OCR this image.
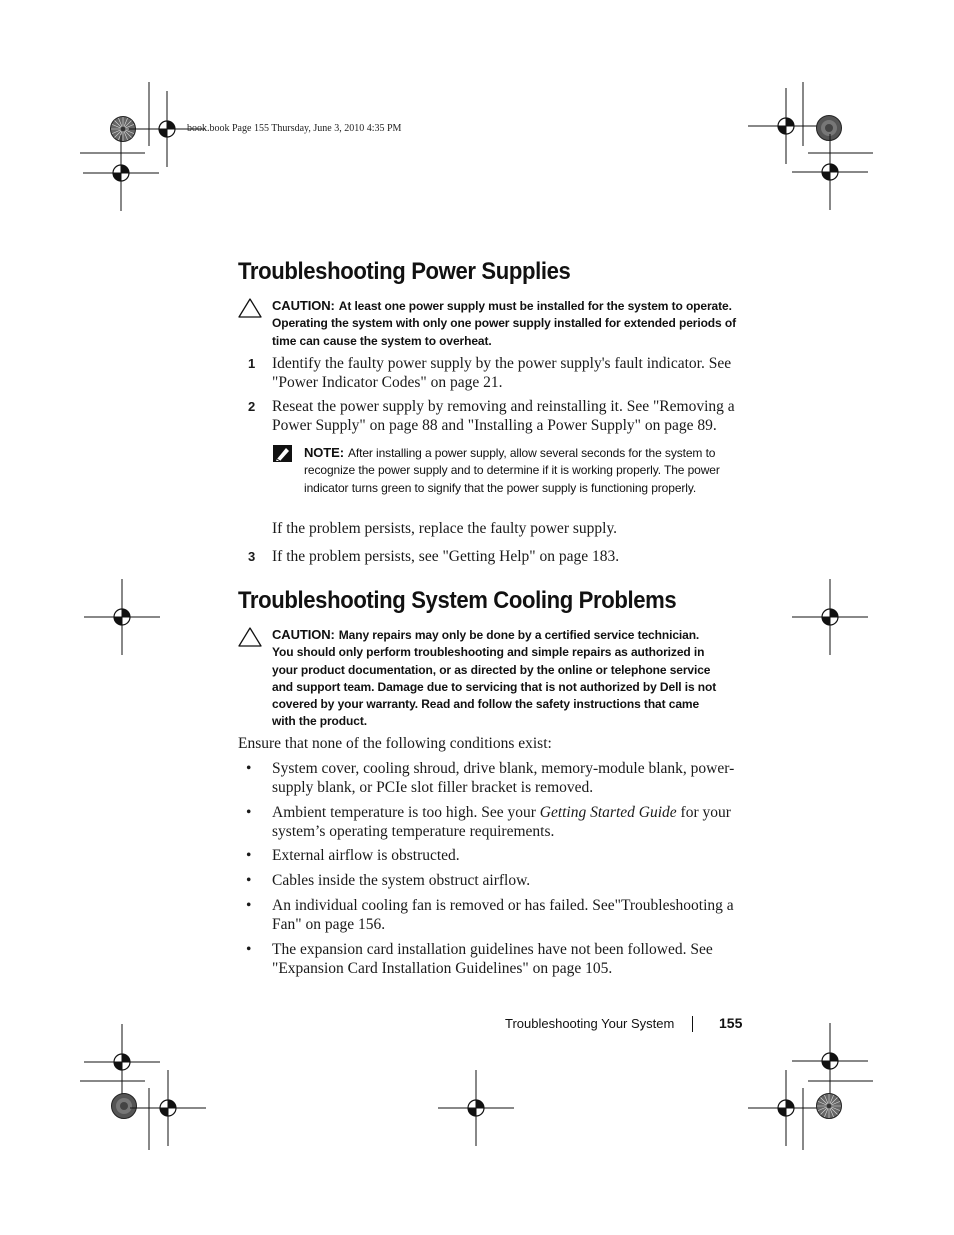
book.book Page 155 Thursday, June 3, 2010 4:35 PM
Troubleshooting Power Supplies
CAUTION: At least one power supply must be installed for the system to operate. Operating the system with only one power supply installed for extended periods of time can cause the system to overheat.
1 Identify the faulty power supply by the power supply's fault indicator. See "Power Indicator Codes" on page 21.
2 Reseat the power supply by removing and reinstalling it. See "Removing a Power Supply" on page 88 and "Installing a Power Supply" on page 89.
NOTE: After installing a power supply, allow several seconds for the system to recognize the power supply and to determine if it is working properly. The power indicator turns green to signify that the power supply is functioning properly.
If the problem persists, replace the faulty power supply.
3 If the problem persists, see "Getting Help" on page 183.
Troubleshooting System Cooling Problems
CAUTION: Many repairs may only be done by a certified service technician. You should only perform troubleshooting and simple repairs as authorized in your product documentation, or as directed by the online or telephone service and support team. Damage due to servicing that is not authorized by Dell is not covered by your warranty. Read and follow the safety instructions that came with the product.
Ensure that none of the following conditions exist:
• System cover, cooling shroud, drive blank, memory-module blank, power-supply blank, or PCIe slot filler bracket is removed.
• Ambient temperature is too high. See your Getting Started Guide for your system’s operating temperature requirements.
• External airflow is obstructed.
• Cables inside the system obstruct airflow.
• An individual cooling fan is removed or has failed. See"Troubleshooting a Fan" on page 156.
• The expansion card installation guidelines have not been followed. See "Expansion Card Installation Guidelines" on page 105.
Troubleshooting Your System	155
